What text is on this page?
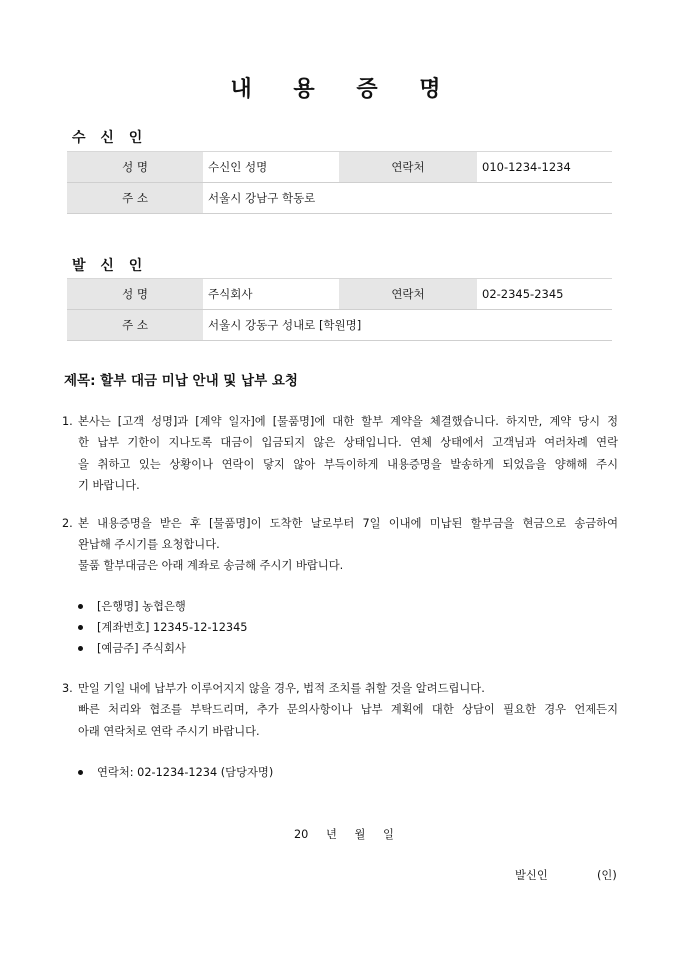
내 용 증 명
수 신 인
성 명	수신인 성명	연락처	010-1234-1234
주 소	서울시 강남구 학동로		
발 신 인
성 명	주식회사	연락처	02-2345-2345
주 소	서울시 강동구 성내로 [학원명]		
제목: 할부 대금 미납 안내 및 납부 요청
1. 본사는 [고객 성명]과 [계약 일자]에 [물품명]에 대한 할부 계약을 체결했습니다. 하지만, 계약 당시 정
한 납부 기한이 지나도록 대금이 입금되지 않은 상태입니다. 연체 상태에서 고객님과 여러차례 연락
을 취하고 있는 상황이나 연락이 닿지 않아 부득이하게 내용증명을 발송하게 되었음을 양해해 주시
기 바랍니다.
2. 본 내용증명을 받은 후 [물품명]이 도착한 날로부터 7일 이내에 미납된 할부금을 현금으로 송금하여
완납해 주시기를 요청합니다.
물품 할부대금은 아래 계좌로 송금해 주시기 바랍니다.
[은행명] 농협은행
[계좌번호] 12345-12-12345
[예금주] 주식회사
3. 만일 기일 내에 납부가 이루어지지 않을 경우, 법적 조치를 취할 것을 알려드립니다.
빠른 처리와 협조를 부탁드리며, 추가 문의사항이나 납부 계획에 대한 상담이 필요한 경우 언제든지
아래 연락처로 연락 주시기 바랍니다.
연락처: 02-1234-1234 (담당자명)
20 년 월 일
발신인	(인)
